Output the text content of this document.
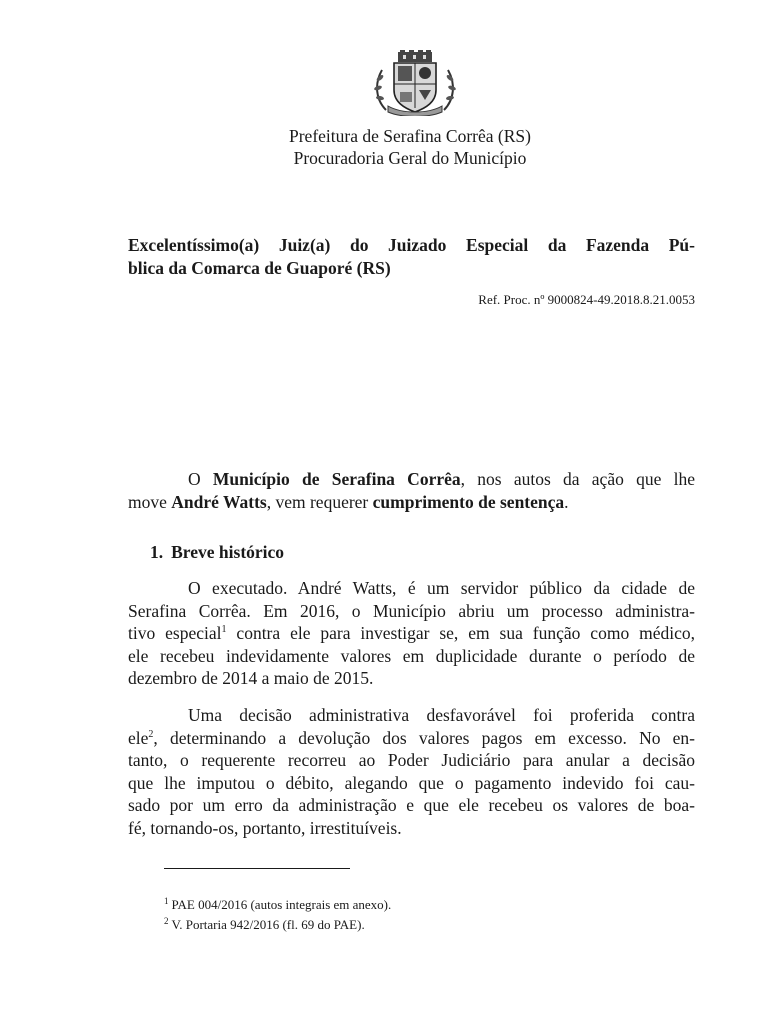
Prefeitura de Serafina Corrêa (RS)
Procuradoria Geral do Município
Excelentíssimo(a) Juiz(a) do Juizado Especial da Fazenda Pú-
blica da Comarca de Guaporé (RS)
Ref. Proc. nº 9000824-49.2018.8.21.0053
O Município de Serafina Corrêa, nos autos da ação que lhe
move André Watts, vem requerer cumprimento de sentença.
1. Breve histórico
O executado. André Watts, é um servidor público da cidade de
Serafina Corrêa. Em 2016, o Município abriu um processo administra-
tivo especial$^1$ contra ele para investigar se, em sua função como médico,
ele recebeu indevidamente valores em duplicidade durante o período de
dezembro de 2014 a maio de 2015.
Uma decisão administrativa desfavorável foi proferida contra
ele$^2$, determinando a devolução dos valores pagos em excesso. No en-
tanto, o requerente recorreu ao Poder Judiciário para anular a decisão
que lhe imputou o débito, alegando que o pagamento indevido foi cau-
sado por um erro da administração e que ele recebeu os valores de boa-
fé, tornando-os, portanto, irrestituíveis.
$^1$ PAE 004/2016 (autos integrais em anexo).
$^2$ V. Portaria 942/2016 (fl. 69 do PAE).
